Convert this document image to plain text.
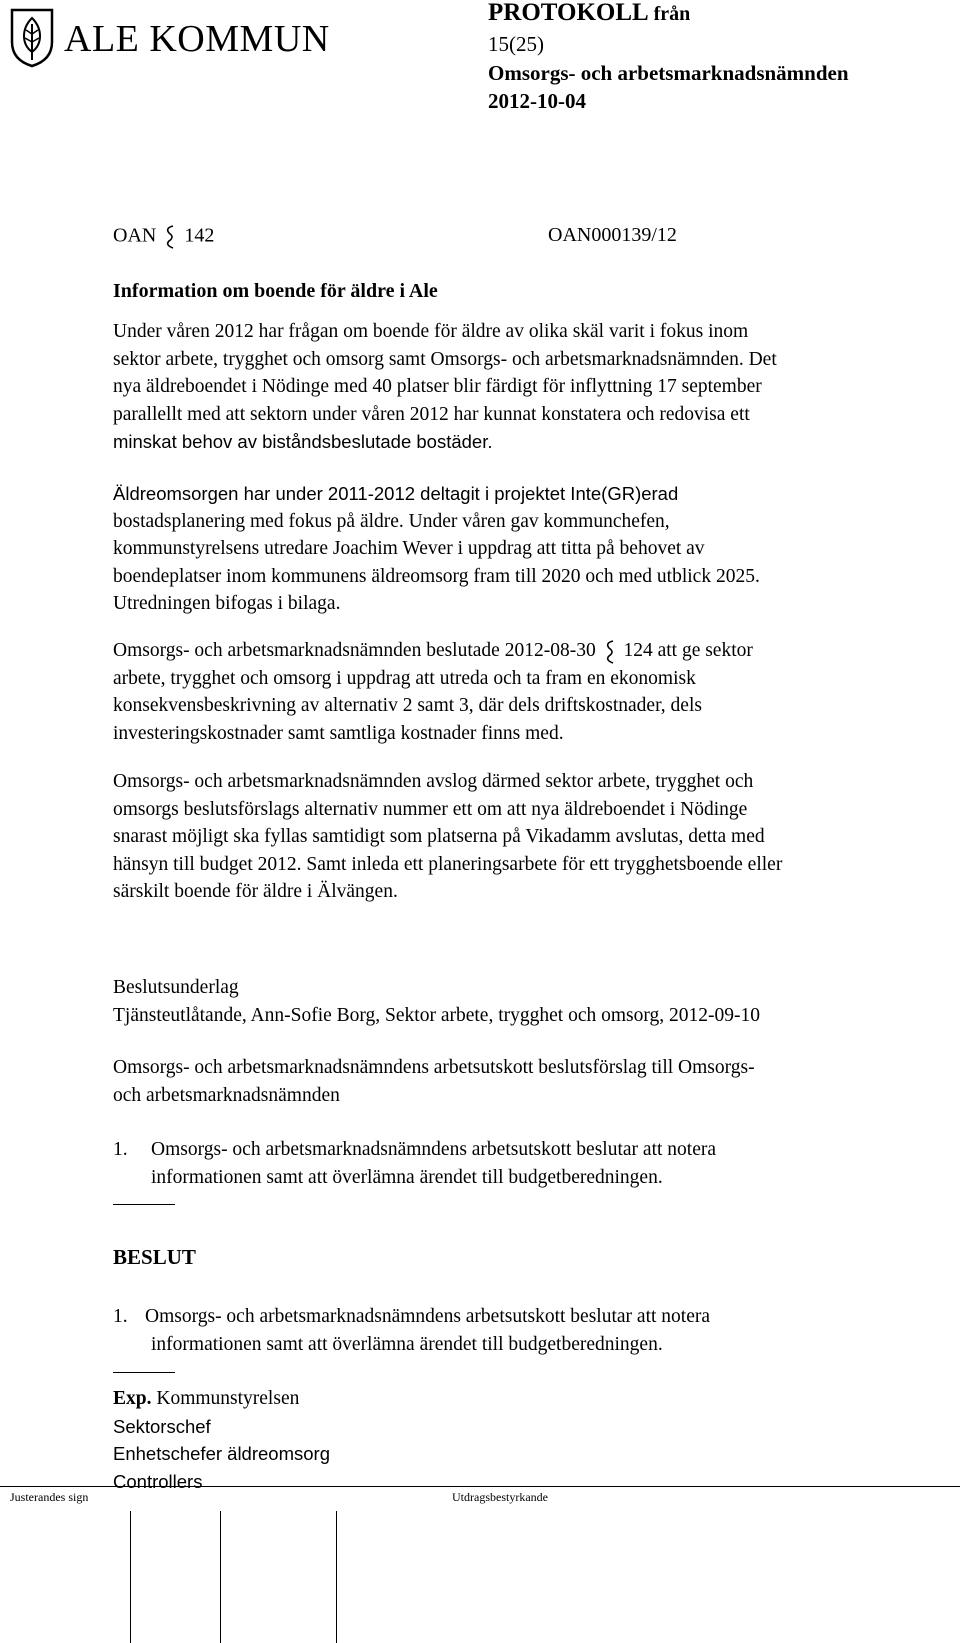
ALE KOMMUN
PROTOKOLL från
15(25)
Omsorgs- och arbetsmarknadsnämnden
2012-10-04
OAN 142	OAN000139/12
Information om boende för äldre i Ale
Under våren 2012 har frågan om boende för äldre av olika skäl varit i fokus inom
sektor arbete, trygghet och omsorg samt Omsorgs- och arbetsmarknadsnämnden. Det
nya äldreboendet i Nödinge med 40 platser blir färdigt för inflyttning 17 september
parallellt med att sektorn under våren 2012 har kunnat konstatera och redovisa ett
minskat behov av biståndsbeslutade bostäder.
Äldreomsorgen har under 2011-2012 deltagit i projektet Inte(GR)erad
bostadsplanering med fokus på äldre. Under våren gav kommunchefen,
kommunstyrelsens utredare Joachim Wever i uppdrag att titta på behovet av
boendeplatser inom kommunens äldreomsorg fram till 2020 och med utblick 2025.
Utredningen bifogas i bilaga.
Omsorgs- och arbetsmarknadsnämnden beslutade 2012-08-30 124 att ge sektor
arbete, trygghet och omsorg i uppdrag att utreda och ta fram en ekonomisk
konsekvensbeskrivning av alternativ 2 samt 3, där dels driftskostnader, dels
investeringskostnader samt samtliga kostnader finns med.
Omsorgs- och arbetsmarknadsnämnden avslog därmed sektor arbete, trygghet och
omsorgs beslutsförslags alternativ nummer ett om att nya äldreboendet i Nödinge
snarast möjligt ska fyllas samtidigt som platserna på Vikadamm avslutas, detta med
hänsyn till budget 2012. Samt inleda ett planeringsarbete för ett trygghetsboende eller
särskilt boende för äldre i Älvängen.
Beslutsunderlag
Tjänsteutlåtande, Ann-Sofie Borg, Sektor arbete, trygghet och omsorg, 2012-09-10
Omsorgs- och arbetsmarknadsnämndens arbetsutskott beslutsförslag till Omsorgs-
och arbetsmarknadsnämnden
1. Omsorgs- och arbetsmarknadsnämndens arbetsutskott beslutar att notera
informationen samt att överlämna ärendet till budgetberedningen.
BESLUT
1. Omsorgs- och arbetsmarknadsnämndens arbetsutskott beslutar att notera
informationen samt att överlämna ärendet till budgetberedningen.
Exp. Kommunstyrelsen
Sektorschef
Enhetschefer äldreomsorg
Controllers
Justerandes sign	Utdragsbestyrkande
